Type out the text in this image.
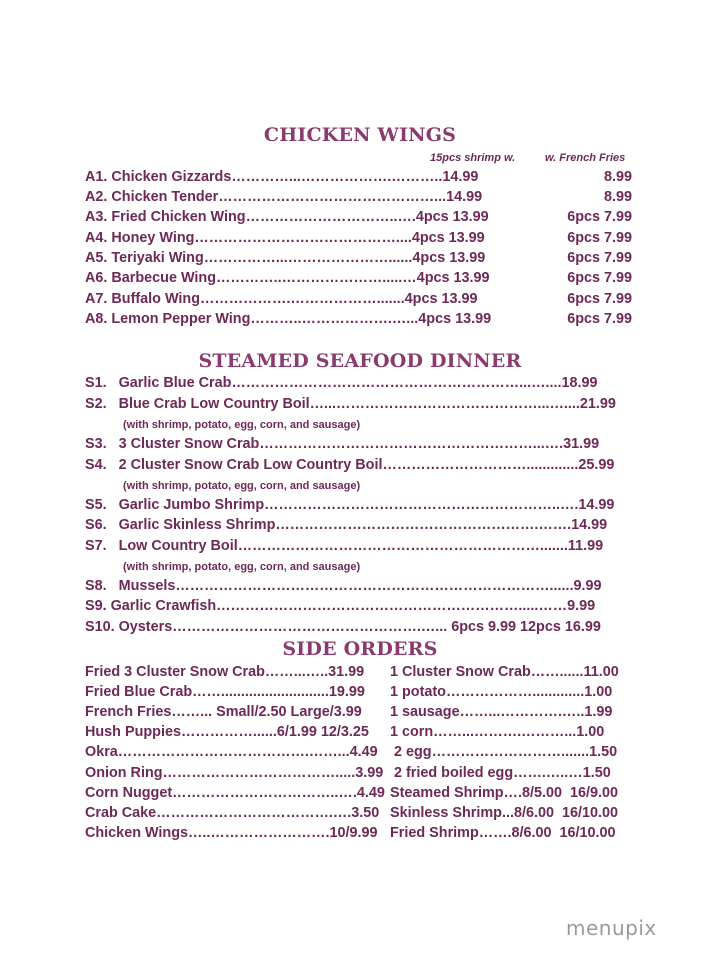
CHICKEN WINGS
15pcs shrimp w.	w. French Fries
A1. Chicken Gizzards…………...……………….………..14.99	8.99
A2. Chicken Tender………………………………………...14.99	8.99
A3. Fried Chicken Wing…………………………..….4pcs 13.99	6pcs 7.99
A4. Honey Wing……………………………………....4pcs 13.99	6pcs 7.99
A5. Teriyaki Wing……………...…………………......4pcs 13.99	6pcs 7.99
A6. Barbecue Wing…………..………………….....…4pcs 13.99	6pcs 7.99
A7. Buffalo Wing……………….……………….......4pcs 13.99	6pcs 7.99
A8. Lemon Pepper Wing………..……………….…...4pcs 13.99	6pcs 7.99
STEAMED SEAFOOD DINNER
S1.   Garlic Blue Crab……………………………………………………...…....18.99
S2.   Blue Crab Low Country Boil…...……………………………………...…....21.99
(with shrimp, potato, egg, corn, and sausage)
S3.   3 Cluster Snow Crab…………………………………………………...….31.99
S4.   2 Cluster Snow Crab Low Country Boil………………………….............25.99
(with shrimp, potato, egg, corn, and sausage)
S5.   Garlic Jumbo Shrimp……………………………………………………..….14.99
S6.   Garlic Skinless Shrimp……………………………………………….…….14.99
S7.   Low Country Boil……………………………………………………….......11.99
(with shrimp, potato, egg, corn, and sausage)
S8.   Mussels……………………………………………………………………......9.99
S9. Garlic Crawfish……………………………………………………….....……9.99
S10. Oysters…………………………………………….…... 6pcs 9.99 12pcs 16.99
SIDE ORDERS
Fried 3 Cluster Snow Crab……...…..31.99 1 Cluster Snow Crab……......11.00
Fried Blue Crab……...........................19.99 1 potato……………….............1.00
French Fries……... Small/2.50 Large/3.99 1 sausage……...………….…..1.99
Hush Puppies……………......6/1.99 12/3.25 1 corn……...……….………...1.00
Okra………………………………….……...4.49 2 egg……………………….......1.50
Onion Ring……………………………….....3.99 2 fried boiled egg…….…..…1.50
Corn Nugget……………………………..….4.49 Steamed Shrimp….8/5.00  16/9.00
Crab Cake……………………………….….3.50 Skinless Shrimp...8/6.00  16/10.00
Chicken Wings…..…………………….10/9.99 Fried Shrimp…….8/6.00  16/10.00
menupix
